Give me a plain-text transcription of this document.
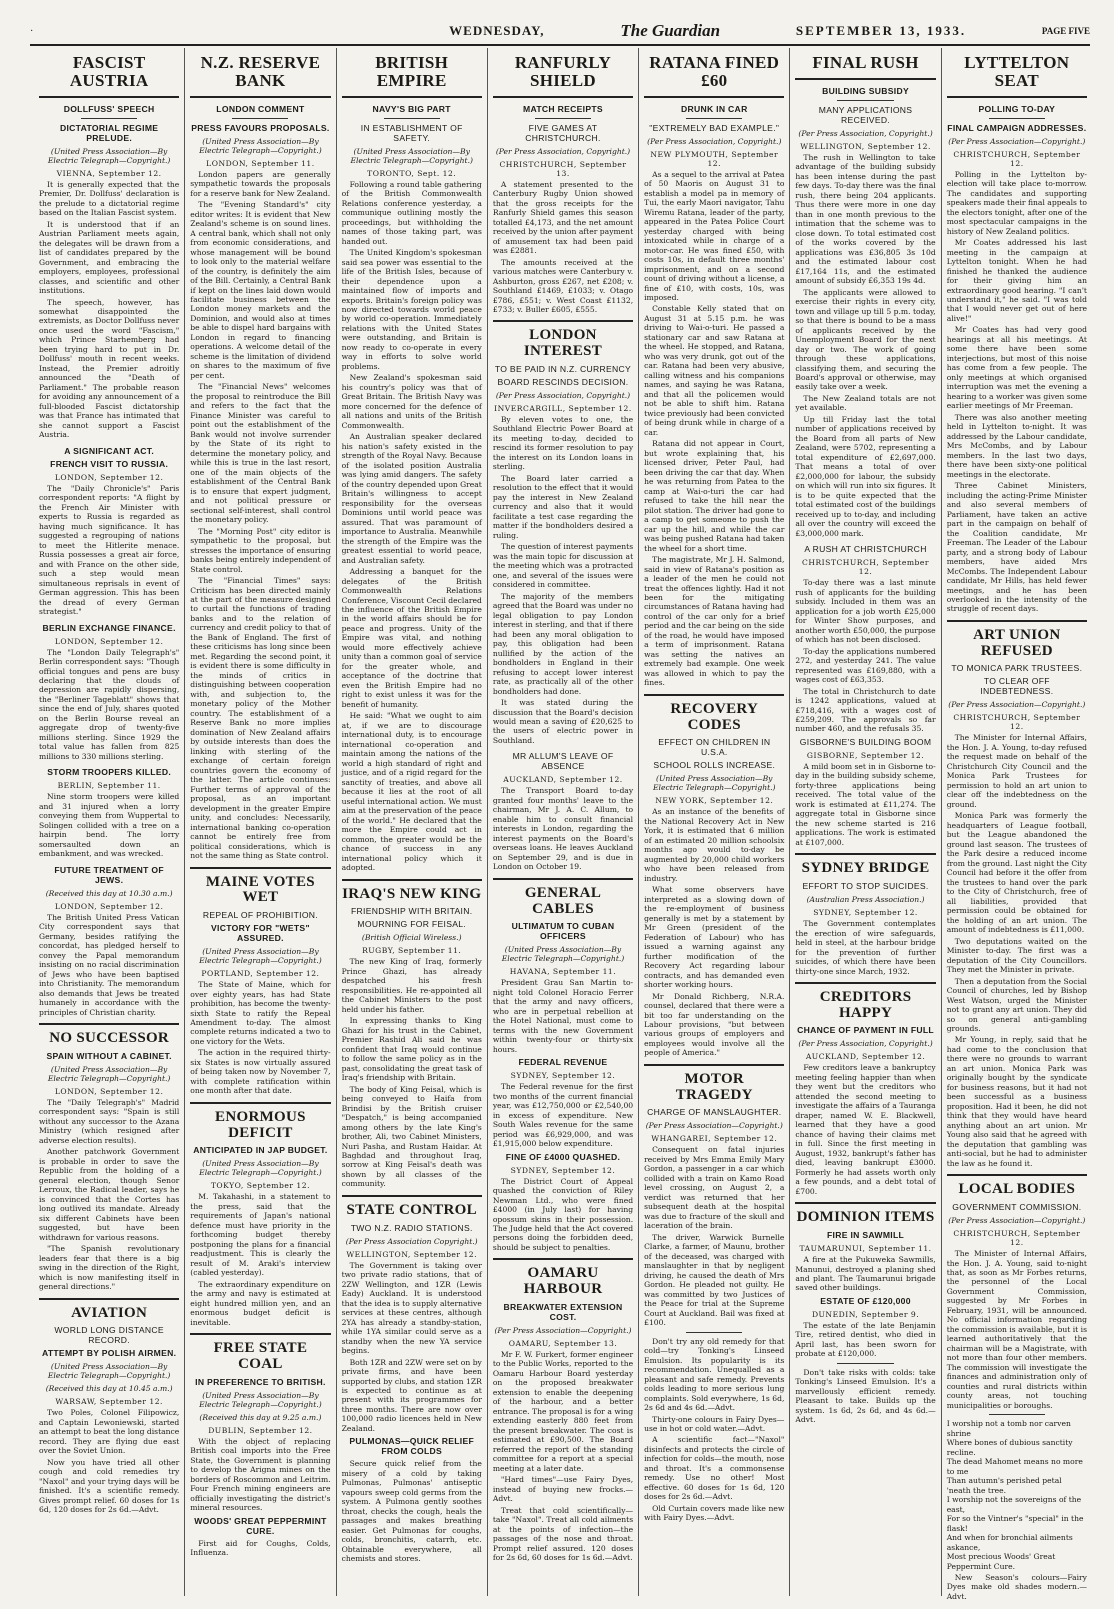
·	WEDNESDAY,	The Guardian	SEPTEMBER 13, 1933.	PAGE FIVE
FASCIST AUSTRIA
DOLLFUSS' SPEECH
DICTATORIAL REGIME PRELUDE.
(United Press Association—By Electric Telegraph—Copyright.)
VIENNA, September 12.

It is generally expected that the Premier, Dr. Dollfuss' declaration is the prelude to a dictatorial regime based on the Italian Fascist system.

It is understood that if an Austrian Parliament meets again, the delegates will be drawn from a list of candidates prepared by the Government, and embracing the employers, employees, professional classes, and scientific and other institutions.

The speech, however, has somewhat disappointed the extremists, as Doctor Dollfuss never once used the word "Fascism," which Prince Starhemberg had been trying hard to put in Dr. Dollfuss' mouth in recent weeks. Instead, the Premier adroitly announced the "Death of Parliament." The probable reason for avoiding any announcement of a full-blooded Fascist dictatorship was that France has intimated that she cannot support a Fascist Austria.

A SIGNIFICANT ACT.
FRENCH VISIT TO RUSSIA.
LONDON, September 12.

The "Daily Chronicle's" Paris correspondent reports: "A flight by the French Air Minister with experts to Russia is regarded as having much significance. It has suggested a regrouping of nations to meet the Hitlerite menace. Russia possesses a great air force, and with France on the other side, such a step would mean simultaneous reprisals in event of German aggression. This has been the dread of every German strategist."

BERLIN EXCHANGE FINANCE.
LONDON, September 12.

The "London Daily Telegraph's" Berlin correspondent says: "Though official tongues and pens are busy declaring that the clouds of depression are rapidly dispersing, the "Berliner Tageblatt" shows that since the end of July, shares quoted on the Berlin Bourse reveal an aggregate drop of twenty-five millions sterling. Since 1929 the total value has fallen from 825 millions to 330 millions sterling.

STORM TROOPERS KILLED.
BERLIN, September 11.

Nine storm troopers were killed and 31 injured when a lorry conveying them from Wuppertal to Solingen collided with a tree on a hairpin bend. The lorry somersaulted down an embankment, and was wrecked.

FUTURE TREATMENT OF JEWS.
(Received this day at 10.30 a.m.)
LONDON, September 12.

The British United Press Vatican City correspondent says that Germany, besides ratifying the concordat, has pledged herself to convey the Papal memorandum insisting on no racial discrimination of Jews who have been baptised into Christianity. The memorandum also demands that Jews be treated humanely in accordance with the principles of Christian charity.

NO SUCCESSOR
SPAIN WITHOUT A CABINET.
(United Press Association—By Electric Telegraph—Copyright.)
LONDON, September 12.

The "Daily Telegraph's" Madrid correspondent says: "Spain is still without any successor to the Azana Ministry (which resigned after adverse election results).

Another patchwork Government is probable in order to save the Republic from the holding of a general election, though Senor Lerroux, the Radical leader, says he is convinced that the Cortes has long outlived its mandate. Already six different Cabinets have been suggested, but have been withdrawn for various reasons.

"The Spanish revolutionary leaders fear that there is a big swing in the direction of the Right, which is now manifesting itself in general directions."

AVIATION
WORLD LONG DISTANCE RECORD.
ATTEMPT BY POLISH AIRMEN.
(United Press Association—By Electric Telegraph—Copyright.)
(Received this day at 10.45 a.m.)
WARSAW, September 12.

Two Poles, Colonel Filipowicz, and Captain Lewoniewski, started an attempt to beat the long distance record. They are flying due east over the Soviet Union.

Now you have tried all other cough and cold remedies try "Naxol" and your trying days will be finished. It's a scientific remedy. Gives prompt relief. 60 doses for 1s 6d, 120 doses for 2s 6d.—Advt.

N.Z. RESERVE BANK
LONDON COMMENT
PRESS FAVOURS PROPOSALS.
(United Press Association—By Electric Telegraph—Copyright.)
LONDON, September 11.

London papers are generally sympathetic towards the proposals for a reserve bank for New Zealand.

The "Evening Standard's" city editor writes: It is evident that New Zealand's scheme is on sound lines. A central bank, which shall not only from economic considerations, and whose management will be bound to look only to the material welfare of the country, is definitely the aim of the Bill. Certainly, a Central Bank if kept on the lines laid down would facilitate business between the London money markets and the Dominion, and would also at times be able to dispel hard bargains with London in regard to financing operations. A welcome detail of the scheme is the limitation of dividend on shares to the maximum of five per cent.

The "Financial News" welcomes the proposal to reintroduce the Bill and refers to the fact that the Finance Minister was careful to point out the establishment of the Bank would not involve surrender by the State of its right to determine the monetary policy, and while this is true in the last resort, one of the main objects of the establishment of the Central Bank is to ensure that expert judgment, and not political pressure or sectional self-interest, shall control the monetary policy.

The "Morning Post" city editor is sympathetic to the proposal, but stresses the importance of ensuring banks being entirely independent of State control.

The "Financial Times" says: Criticism has been directed mainly at the part of the measure designed to curtail the functions of trading banks and to the relation of currency and credit policy to that of the Bank of England. The first of these criticisms has long since been met. Regarding the second point, it is evident there is some difficulty in the minds of critics in distinguishing between cooperation with, and subjection to, the monetary policy of the Mother country. The establishment of a Reserve Bank no more implies domination of New Zealand affairs by outside interests than does the linking with sterling of the exchange of certain foreign countries govern the economy of the latter. The article continues: Further terms of approval of the proposal, as an important development in the greater Empire unity, and concludes: Necessarily, international banking co-operation cannot be entirely free from political considerations, which is not the same thing as State control.

MAINE VOTES WET
REPEAL OF PROHIBITION.
VICTORY FOR "WETS" ASSURED.
(United Press Association—By Electric Telegraph—Copyright.)
PORTLAND, September 12.

The State of Maine, which for over eighty years, has had State prohibition, has become the twenty-sixth State to ratify the Repeal Amendment to-day. The almost complete returns indicated a two to one victory for the Wets.

The action in the required thirty-six States is now virtually assured of being taken now by November 7, with complete ratification within one month after that date.

ENORMOUS DEFICIT
ANTICIPATED IN JAP BUDGET.
(United Press Association—By Electric Telegraph—Copyright.)
TOKYO, September 12.

M. Takahashi, in a statement to the press, said that the requirements of Japan's national defence must have priority in the forthcoming budget thereby postponing the plans for a financial readjustment. This is clearly the result of M. Araki's interview (cabled yesterday).

The extraordinary expenditure on the army and navy is estimated at eight hundred million yen, and an enormous budget deficit is inevitable.

FREE STATE COAL
IN PREFERENCE TO BRITISH.
(United Press Association—By Electric Telegraph—Copyright.)
(Received this day at 9.25 a.m.)
DUBLIN, September 12.

With the object of replacing British coal imports into the Free State, the Government is planning to develop the Arigna mines on the borders of Roscommon and Leitrim. Four French mining engineers are officially investigating the district's mineral resources.

WOODS' GREAT PEPPERMINT CURE.

First aid for Coughs, Colds, Influenza.

BRITISH EMPIRE
NAVY'S BIG PART
IN ESTABLISHMENT OF SAFETY.
(United Press Association—By Electric Telegraph—Copyright.)
TORONTO, Sept. 12.

Following a round table gathering of the British Commonwealth Relations conference yesterday, a communique outlining mostly the proceedings, but withholding the names of those taking part, was handed out.

The United Kingdom's spokesman said sea power was essential to the life of the British Isles, because of their dependence upon a maintained flow of imports and exports. Britain's foreign policy was now directed towards world peace by world co-operation. Immediately relations with the United States were outstanding, and Britain is now ready to co-operate in every way in efforts to solve world problems.

New Zealand's spokesman said his country's policy was that of Great Britain. The British Navy was more concerned for the defence of all nations and units of the British Commonwealth.

An Australian speaker declared his nation's safety existed in the strength of the Royal Navy. Because of the isolated position Australia was lying amid dangers. The safety of the country depended upon Great Britain's willingness to accept responsibility for the overseas Dominions until world peace was assured. That was paramount of importance to Australia. Meanwhile the strength of the Empire was the greatest essential to world peace, and Australian safety.

Addressing a banquet for the delegates of the British Commonwealth Relations Conference, Viscount Cecil declared the influence of the British Empire in the world affairs should be for peace and progress. Unity of the Empire was vital, and nothing would more effectively achieve unity than a common goal of service for the greater whole, and acceptance of the doctrine that even the British Empire had no right to exist unless it was for the benefit of humanity.

He said: "What we ought to aim at, if we are to discourage international duty, is to encourage international co-operation and maintain among the nations of the world a high standard of right and justice, and of a rigid regard for the sanctity of treaties, and above all because it lies at the root of all useful international action. We must aim at the preservation of the peace of the world." He declared that the more the Empire could act in common, the greater would be the chance of success in any international policy which it adopted.

IRAQ'S NEW KING
FRIENDSHIP WITH BRITAIN.
MOURNING FOR FEISAL.
(British Official Wireless.)
RUGBY, September 11.

The new King of Iraq, formerly Prince Ghazi, has already despatched his fresh responsibilities. He re-appointed all the Cabinet Ministers to the post held under his father.

In expressing thanks to King Ghazi for his trust in the Cabinet, Premier Rashid Ali said he was confident that Iraq would continue to follow the same policy as in the past, consolidating the great task of Iraq's friendship with Britain.

The body of King Feisal, which is being conveyed to Haifa from Brindisi by the British cruiser "Despatch," is being accompanied among others by the late King's brother, Ali, two Cabinet Ministers, Nuri Pasha, and Rustam Haidar. At Baghdad and throughout Iraq, sorrow at King Feisal's death was shown by all classes of the community.

STATE CONTROL
TWO N.Z. RADIO STATIONS.
(Per Press Association Copyright.)
WELLINGTON, September 12.

The Government is taking over two private radio stations, that of 2ZW Wellington, and 1ZR (Lewis Eady) Auckland. It is understood that the idea is to supply alternative services at these centres, although 2YA has already a standby-station, while 1YA similar could serve as a standby when the new YA service begins.

Both 1ZR and 2ZW were set on by private firms, and have been supported by clubs, and station 1ZR is expected to continue as at present with its programmes for three months. There are now over 100,000 radio licences held in New Zealand.

PULMONAS—QUICK RELIEF FROM COLDS

Secure quick relief from the misery of a cold by taking Pulmonas, Pulmonas' antiseptic vapours sweep cold germs from the system. A Pulmona gently soothes throat, checks the cough, heals the passages and makes breathing easier. Get Pulmonas for coughs, colds, bronchitis, catarrh, etc. Obtainable everywhere, all chemists and stores.

RANFURLY SHIELD
MATCH RECEIPTS
FIVE GAMES AT CHRISTCHURCH.
(Per Press Association, Copyright.)
CHRISTCHURCH, September 13.

A statement presented to the Canterbury Rugby Union showed that the gross receipts for the Ranfurly Shield games this season totalled £4,173, and the net amount received by the union after payment of amusement tax had been paid was £2881.

The amounts received at the various matches were Canterbury v. Ashburton, gross £267, net £208; v. Southland £1469, £1033; v. Otago £786, £551; v. West Coast £1132, £733; v. Buller £605, £555.

LONDON INTEREST
TO BE PAID IN N.Z. CURRENCY
BOARD RESCINDS DECISION.
(Per Press Association, Copyright.)
INVERCARGILL, September 12.

By eleven votes to one, the Southland Electric Power Board at its meeting to-day, decided to rescind its former resolution to pay the interest on its London loans in sterling.

The Board later carried a resolution to the effect that it would pay the interest in New Zealand currency and also that it would facilitate a test case regarding the matter if the bondholders desired a ruling.

The question of interest payments was the main topic for discussion at the meeting which was a protracted one, and several of the issues were considered in committee.

The majority of the members agreed that the Board was under no legal obligation to pay London interest in sterling, and that if there had been any moral obligation to pay, this obligation had been nullified by the action of the bondholders in England in their refusing to accept lower interest rate, as practically all of the other bondholders had done.

It was stated during the discussion that the Board's decision would mean a saving of £20,625 to the users of electric power in Southland.

MR ALLUM'S LEAVE OF ABSENCE
AUCKLAND, September 12.

The Transport Board to-day granted four months' leave to the chairman, Mr J. A. C. Allum, to enable him to consult financial interests in London, regarding the interest payments on the Board's overseas loans. He leaves Auckland on September 29, and is due in London on October 19.

GENERAL CABLES
ULTIMATUM TO CUBAN OFFICERS
(United Press Association—By Electric Telegraph—Copyright.)
HAVANA, September 11.

President Grau San Martin to-night told Colonel Horacio Ferrer that the army and navy officers, who are in perpetual rebellion at the Hotel National, must come to terms with the new Government within twenty-four or thirty-six hours.

FEDERAL REVENUE
SYDNEY, September 12.

The Federal revenue for the first two months of the current financial year, was £12,750,000 or £2,540,00 in excess of expenditure. New South Wales revenue for the same period was £6,929,000, and was £1,915,000 below expenditure.

FINE OF £4000 QUASHED.
SYDNEY, September 12.

The District Court of Appeal quashed the conviction of Riley Newman Ltd., who were fined £4000 (in July last) for having opossum skins in their possession. The Judge held that the Act covered persons doing the forbidden deed, should be subject to penalties.

OAMARU HARBOUR
BREAKWATER EXTENSION COST.
(Per Press Association—Copyright.)
OAMARU, September 13.

Mr F. W. Furkert, former engineer to the Public Works, reported to the Oamaru Harbour Board yesterday on the proposed breakwater extension to enable the deepening of the harbour, and a better entrance. The proposal is for a wing extending easterly 880 feet from the present breakwater. The cost is estimated at £90,500. The Board referred the report of the standing committee for a report at a special meeting at a later date.

"Hard times"—use Fairy Dyes, instead of buying new frocks.—Advt.

Treat that cold scientifically—take "Naxol". Treat all cold ailments at the points of infection—the passages of the nose and throat. Prompt relief assured. 120 doses for 2s 6d, 60 doses for 1s 6d.—Advt.

RATANA FINED £60
DRUNK IN CAR
"EXTREMELY BAD EXAMPLE."
(Per Press Association, Copyright.)
NEW PLYMOUTH, September 12.

As a sequel to the arrival at Patea of 50 Maoris on August 31 to establish a model pa in memory of Tui, the early Maori navigator, Tahu Wiremu Ratana, leader of the party, appeared in the Patea Police Court yesterday charged with being intoxicated while in charge of a motor-car. He was fined £50, with costs 10s, in default three months' imprisonment, and on a second count of driving without a license, a fine of £10, with costs, 10s, was imposed.

Constable Kelly stated that on August 31 at 5.15 p.m. he was driving to Wai-o-turi. He passed a stationary car and saw Ratana at the wheel. He stopped, and Ratana, who was very drunk, got out of the car. Ratana had been very abusive, calling witness and his companions names, and saying he was Ratana, and that all the policemen would not be able to shift him. Ratana twice previously had been convicted of being drunk while in charge of a car.

Ratana did not appear in Court, but wrote explaining that, his licensed driver, Peter Paul, had been driving the car that day. When he was returning from Patea to the camp at Wai-o-turi the car had refused to take the hill near the pilot station. The driver had gone to a camp to get someone to push the car up the hill, and while the car was being pushed Ratana had taken the wheel for a short time.

The magistrate, Mr J. H. Salmond, said in view of Ratana's position as a leader of the men he could not treat the offences lightly. Had it not been for the mitigating circumstances of Ratana having had control of the car only for a brief period and the car being on the side of the road, he would have imposed a term of imprisonment. Ratana was setting the natives an extremely bad example. One week was allowed in which to pay the fines.

RECOVERY CODES
EFFECT ON CHILDREN IN U.S.A.
SCHOOL ROLLS INCREASE.
(United Press Association—By Electric Telegraph—Copyright.)
NEW YORK, September 12.

As an instance of the benefits of the National Recovery Act in New York, it is estimated that 6 million of an estimated 20 million schoolsix months ago would to-day be augmented by 20,000 child workers who have been released from industry.

What some observers have interpreted as a slowing down of the re-employment of business generally is met by a statement by Mr Green (president of the Federation of Labour) who has issued a warning against any further modification of the Recovery Act regarding labour contracts, and has demanded even shorter working hours.

Mr Donald Richberg, N.R.A. counsel, declared that there were a bit too far understanding on the Labour provisions, "but between various groups of employers and employees would involve all the people of America."

MOTOR TRAGEDY
CHARGE OF MANSLAUGHTER.
(Per Press Association—Copyright.)
WHANGAREI, September 12.

Consequent on fatal injuries received by Mrs Emma Emily Mary Gordon, a passenger in a car which collided with a train on Kamo Road level crossing, on August 2, a verdict was returned that her subsequent death at the hospital was due to fracture of the skull and laceration of the brain.

The driver, Warwick Burnelle Clarke, a farmer, of Maunu, brother of the deceased, was charged with manslaughter in that by negligent driving, he caused the death of Mrs Gordon. He pleaded not guilty. He was committed by two Justices of the Peace for trial at the Supreme Court at Auckland. Bail was fixed at £100.

Don't try any old remedy for that cold—try Tonking's Linseed Emulsion. Its popularity is its recommendation. Unequalled as a pleasant and safe remedy. Prevents colds leading to more serious lung complaints. Sold everywhere, 1s 6d, 2s 6d and 4s 6d.—Advt.

Thirty-one colours in Fairy Dyes—use in hot or cold water.—Advt.

A scientific fact—"Naxol" disinfects and protects the circle of infection for colds—the mouth, nose and throat. It's a commonsense remedy. Use no other! Most effective. 60 doses for 1s 6d, 120 doses for 2s 6d.—Advt.

Old Curtain covers made like new with Fairy Dyes.—Advt.

FINAL RUSH
BUILDING SUBSIDY
MANY APPLICATIONS RECEIVED.
(Per Press Association, Copyright.)
WELLINGTON, September 12.

The rush in Wellington to take advantage of the building subsidy has been intense during the past few days. To-day there was the final rush, there being 204 applicants. Thus there were more in one day than in one month previous to the intimation that the scheme was to close down. To total estimated cost of the works covered by the applications was £36,805 3s 10d and the estimated labour cost £17,164 11s, and the estimated amount of subsidy £6,353 19s 4d.

The applicants were allowed to exercise their rights in every city, town and village up till 5 p.m. today, so that there is bound to be a mass of applicants received by the Unemployment Board for the next day or two. The work of going through these applications, classifying them, and securing the Board's approval or otherwise, may easily take over a week.

The New Zealand totals are not yet available.

Up till Friday last the total number of applications received by the Board from all parts of New Zealand, were 5702, representing a total expenditure of £2,697,000. That means a total of over £2,000,000 for labour, the subsidy on which will run into six figures. It is to be quite expected that the total estimated cost of the buildings received up to to-day, and including all over the country will exceed the £3,000,000 mark.

A RUSH AT CHRISTCHURCH
CHRISTCHURCH, September 12.

To-day there was a last minute rush of applicants for the building subsidy. Included in them was an application for a job worth £25,000 for Winter Show purposes, and another worth £50,000, the purpose of which has not been disclosed.

To-day the applications numbered 272, and yesterday 241. The value represented was £169,880, with a wages cost of £63,353.

The total in Christchurch to date is 1242 applications, valued at £718,416, with a wages cost of £259,209. The approvals so far number 460, and the refusals 35.

GISBORNE'S BUILDING BOOM
GISBORNE, September 12.

A mild boom set in in Gisborne to-day in the building subsidy scheme, forty-three applications being received. The total value of the work is estimated at £11,274. The aggregate total in Gisborne since the new scheme started is 216 applications. The work is estimated at £107,000.

SYDNEY BRIDGE
EFFORT TO STOP SUICIDES.
(Australian Press Association.)
SYDNEY, September 12.

The Government contemplates the erection of wire safeguards, held in steel, at the harbour bridge for the prevention of further suicides, of which there have been thirty-one since March, 1932.

CREDITORS HAPPY
CHANCE OF PAYMENT IN FULL
(Per Press Association, Copyright.)
AUCKLAND, September 12.

Few creditors leave a bankruptcy meeting feeling happier than when they went but the creditors who attended the second meeting to investigate the affairs of a Tauranga draper, named W. E. Blackwell, learned that they have a good chance of having their claims met in full. Since the first meeting in August, 1932, bankrupt's father has died, leaving bankrupt £3000. Formerly he had assets worth only a few pounds, and a debt total of £700.

DOMINION ITEMS
FIRE IN SAWMILL
TAUMARUNUI, September 11.

A fire at the Pukuweka Sawmills, Manunui, destroyed a planing shed and plant. The Taumarunui brigade saved other buildings.

ESTATE OF £120,000
DUNEDIN, September 9.

The estate of the late Benjamin Tire, retired dentist, who died in April last, has been sworn for probate at £120,000.

Don't take risks with colds: take Tonking's Linseed Emulsion. It's a marvellously efficient remedy. Pleasant to take. Builds up the system. 1s 6d, 2s 6d, and 4s 6d.—Advt.

LYTTELTON SEAT
POLLING TO-DAY
FINAL CAMPAIGN ADDRESSES.
(Per Press Association—Copyright.)
CHRISTCHURCH, September 12.

Polling in the Lyttelton by-election will take place to-morrow. The candidates and supporting speakers made their final appeals to the electors tonight, after one of the most spectacular campaigns in the history of New Zealand politics.

Mr Coates addressed his last meeting in the campaign at Lyttelton tonight. When he had finished he thanked the audience for their giving him an extraordinary good hearing. "I can't understand it," he said. "I was told that I would never get out of here alive!"

Mr Coates has had very good hearings at all his meetings. At some there have been some interjections, but most of this noise has come from a few people. The only meetings at which organised interruption was met the evening a hearing to a worker was given some earlier meetings of Mr Freeman.

There was also another meeting held in Lyttelton to-night. It was addressed by the Labour candidate, Mrs McCombs, and by Labour members. In the last two days, there have been sixty-one political meetings in the electorate.

Three Cabinet Ministers, including the acting-Prime Minister and also several members of Parliament, have taken an active part in the campaign on behalf of the Coalition candidate, Mr Freeman. The Leader of the Labour party, and a strong body of Labour members, have aided Mrs McCombs. The Independent Labour candidate, Mr Hills, has held fewer meetings, and he has been overlooked in the intensity of the struggle of recent days.

ART UNION REFUSED
TO MONICA PARK TRUSTEES.
TO CLEAR OFF INDEBTEDNESS.
(Per Press Association—Copyright.)
CHRISTCHURCH, September 12.

The Minister for Internal Affairs, the Hon. J. A. Young, to-day refused the request made on behalf of the Christchurch City Council and the Monica Park Trustees for permission to hold an art union to clear off the indebtedness on the ground.

Monica Park was formerly the headquarters of League football, but the League abandoned the ground last season. The trustees of the Park desire a reduced income from the ground. Last night the City Council had before it the offer from the trustees to hand over the park to the City of Christchurch, free of all liabilities, provided that permission could be obtained for the holding of an art union. The amount of indebtedness is £11,000.

Two deputations waited on the Minister to-day. The first was a deputation of the City Councillors. They met the Minister in private.

Then a deputation from the Social Council of churches, led by Bishop West Watson, urged the Minister not to grant any art union. They did so on general anti-gambling grounds.

Mr Young, in reply, said that he had come to the conclusion that there were no grounds to warrant an art union. Monica Park was originally bought by the syndicate for business reasons, but it had not been successful as a business proposition. Had it been, he did not think that they would have heard anything about an art union. Mr Young also said that he agreed with the deputation that gambling was anti-social, but he had to administer the law as he found it.

LOCAL BODIES
GOVERNMENT COMMISSION.
(Per Press Association—Copyright.)
CHRISTCHURCH, September 12.

The Minister of Internal Affairs, the Hon. J. A. Young, said to-night that, as soon as Mr Forbes returns, the personnel of the Local Government Commission, suggested by Mr Forbes in February, 1931, will be announced. No official information regarding the commission is available, but it is learned authoritatively that the chairman will be a Magistrate, with not more than four other members. The commission will investigate the finances and administration only of counties and rural districts within county areas, not touching municipalities or boroughs.

I worship not a tomb nor carven shrine
Where bones of dubious sanctity recline.
The dead Mahomet means no more to me
Than autumn's perished petal 'neath the tree.
I worship not the sovereigns of the east,
For so the Vintner's "special" in the flask!
And when for bronchial ailments askance,
Most precious Woods' Great Peppermint Cure.

New Season's colours—Fairy Dyes make old shades modern.—Advt.
